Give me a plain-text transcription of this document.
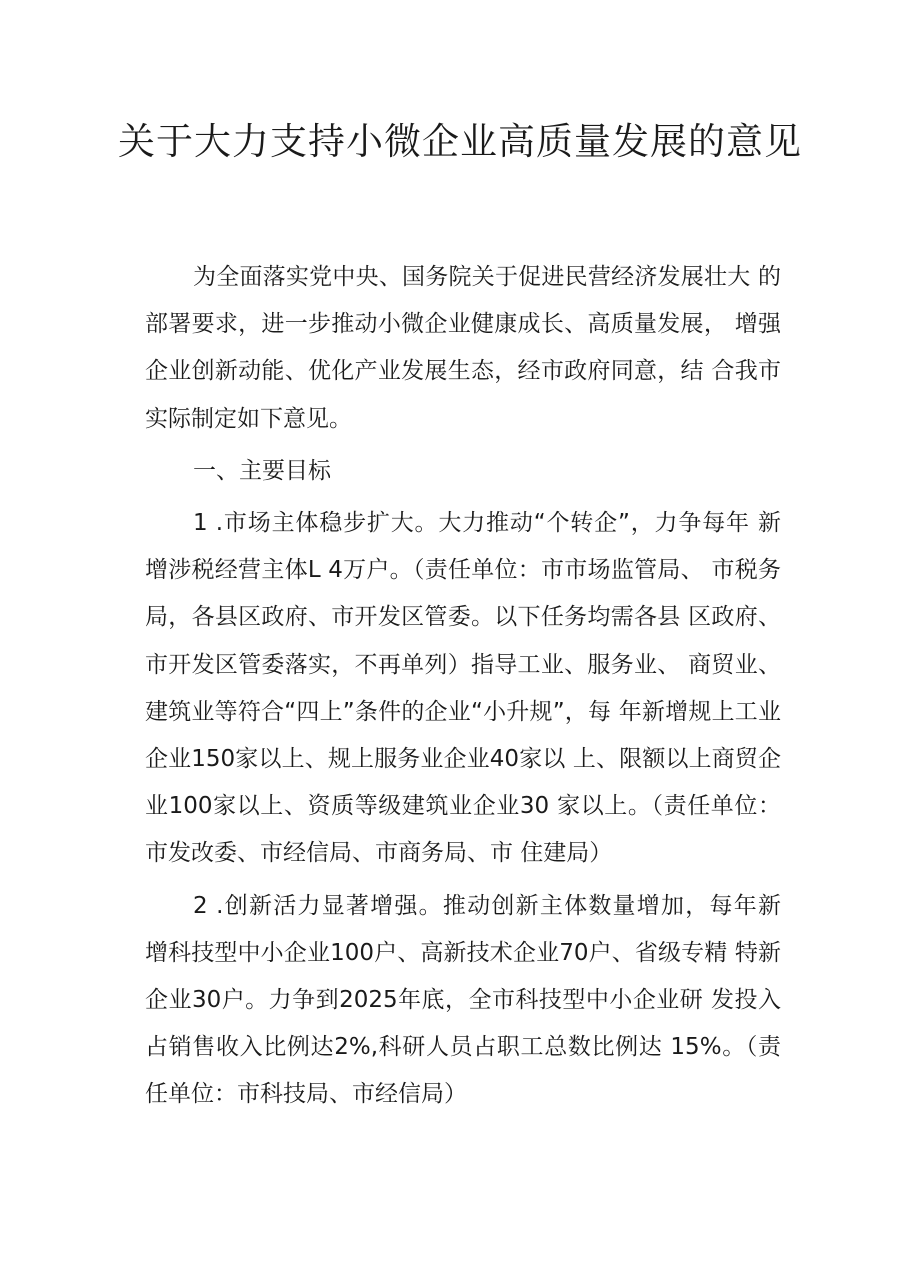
关于大力支持小微企业高质量发展的意见

为全面落实党中央、国务院关于促进民营经济发展壮大 的部署要求，进一步推动小微企业健康成长、高质量发展， 增强企业创新动能、优化产业发展生态，经市政府同意，结 合我市实际制定如下意见。

一、主要目标

1 .市场主体稳步扩大。大力推动“个转企”，力争每年 新增涉税经营主体L 4万户。（责任单位：市市场监管局、 市税务局，各县区政府、市开发区管委。以下任务均需各县 区政府、市开发区管委落实，不再单列）指导工业、服务业、 商贸业、建筑业等符合“四上”条件的企业“小升规”，每 年新增规上工业企业150家以上、规上服务业企业40家以 上、限额以上商贸企业100家以上、资质等级建筑业企业30 家以上。（责任单位：市发改委、市经信局、市商务局、市 住建局）

2 .创新活力显著增强。推动创新主体数量增加，每年新 增科技型中小企业100户、高新技术企业70户、省级专精 特新企业30户。力争到2025年底，全市科技型中小企业研 发投入占销售收入比例达2%,科研人员占职工总数比例达 15%。（责任单位：市科技局、市经信局）
